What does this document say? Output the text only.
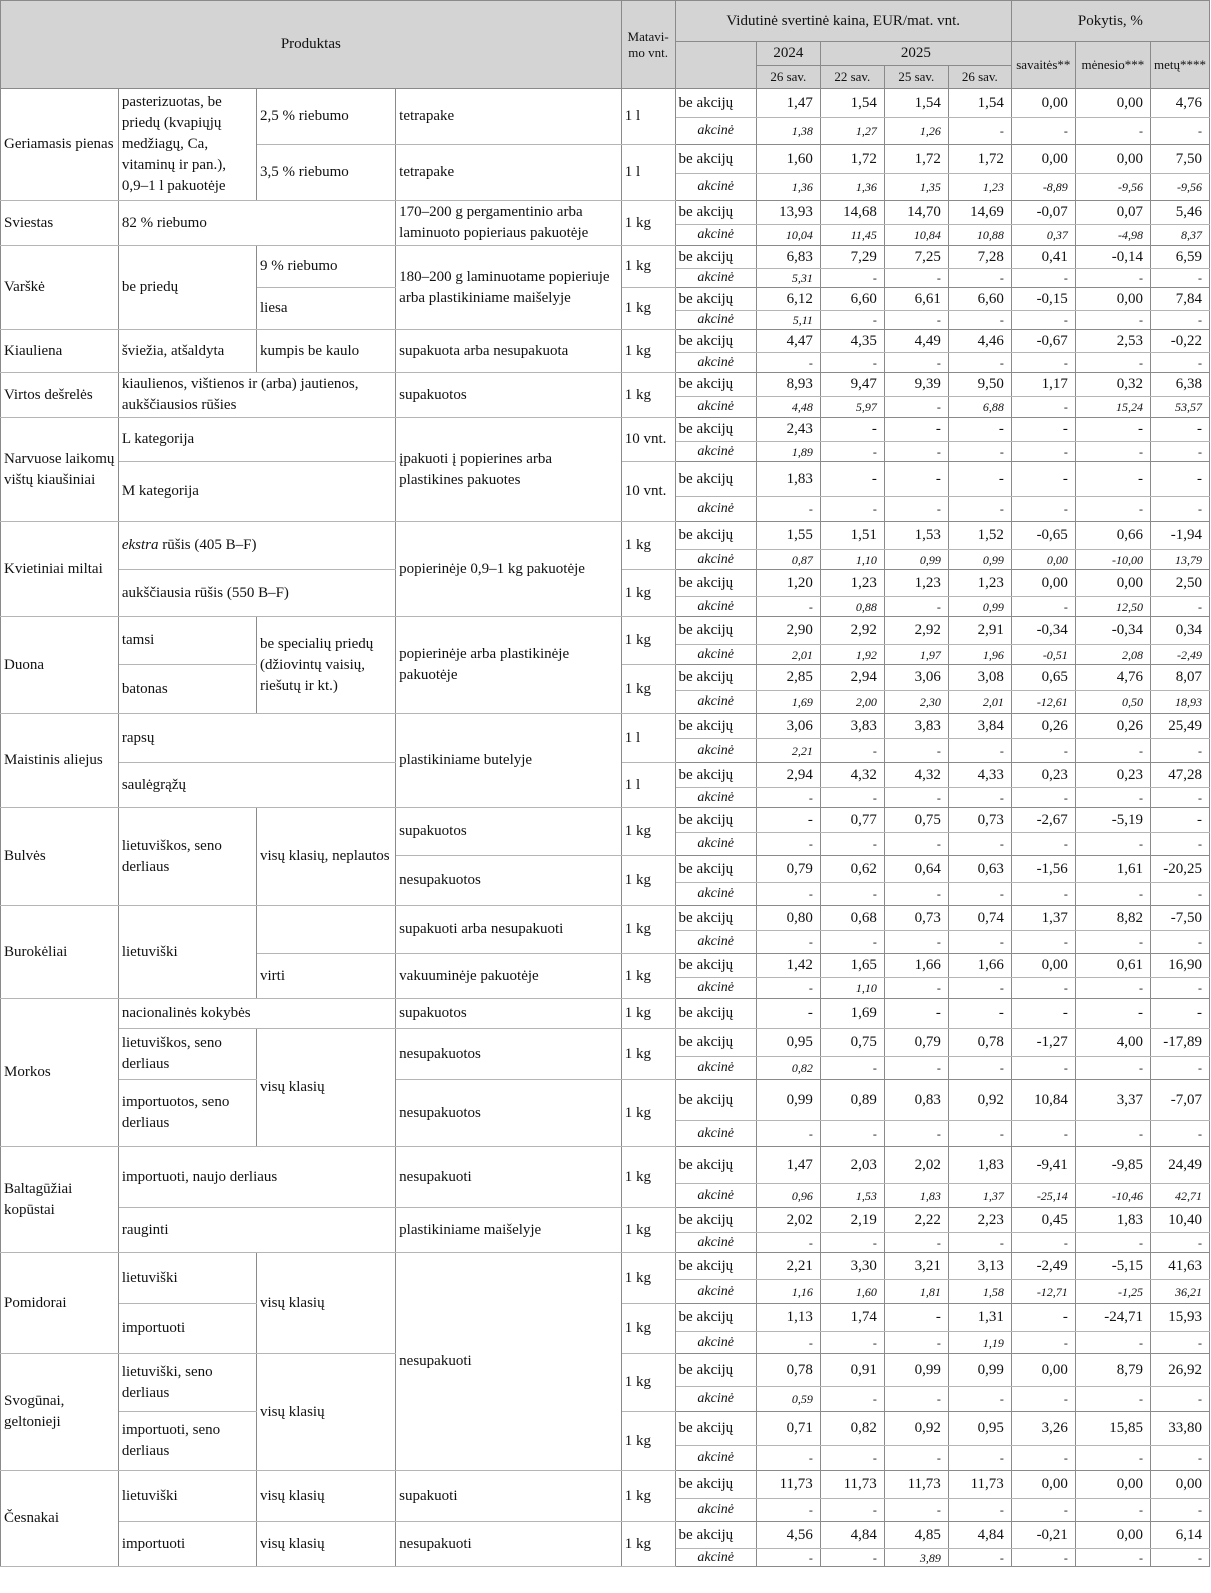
Produktas				Matavi- mo vnt.	Vidutinė svertinė kaina, EUR/mat. vnt.					Pokytis, %		
						2024	2025			savaitės**	mėnesio***	metų****
						26 sav.	22 sav.	25 sav.	26 sav.			
Geriamasis pienas	pasterizuotas, be priedų (kvapiųjų medžiagų, Ca, vitaminų ir pan.), 0,9–1 l pakuotėje	2,5 % riebumo	tetrapake	1 l	be akcijų	1,47	1,54	1,54	1,54	0,00	0,00	4,76
					akcinė	1,38	1,27	1,26	-	-	-	-
		3,5 % riebumo	tetrapake	1 l	be akcijų	1,60	1,72	1,72	1,72	0,00	0,00	7,50
					akcinė	1,36	1,36	1,35	1,23	-8,89	-9,56	-9,56
Sviestas	82 % riebumo		170–200 g pergamentinio arba laminuoto popieriaus pakuotėje	1 kg	be akcijų	13,93	14,68	14,70	14,69	-0,07	0,07	5,46
					akcinė	10,04	11,45	10,84	10,88	0,37	-4,98	8,37
Varškė	be priedų	9 % riebumo	180–200 g laminuotame popieriuje arba plastikiniame maišelyje	1 kg	be akcijų	6,83	7,29	7,25	7,28	0,41	-0,14	6,59
					akcinė	5,31	-	-	-	-	-	-
		liesa		1 kg	be akcijų	6,12	6,60	6,61	6,60	-0,15	0,00	7,84
					akcinė	5,11	-	-	-	-	-	-
Kiauliena	šviežia, atšaldyta	kumpis be kaulo	supakuota arba nesupakuota	1 kg	be akcijų	4,47	4,35	4,49	4,46	-0,67	2,53	-0,22
					akcinė	-	-	-	-	-	-	-
Virtos dešrelės	kiaulienos, vištienos ir (arba) jautienos, aukščiausios rūšies		supakuotos	1 kg	be akcijų	8,93	9,47	9,39	9,50	1,17	0,32	6,38
					akcinė	4,48	5,97	-	6,88	-	15,24	53,57
Narvuose laikomų vištų kiaušiniai	L kategorija		įpakuoti į popierines arba plastikines pakuotes	10 vnt.	be akcijų	2,43	-	-	-	-	-	-
					akcinė	1,89	-	-	-	-	-	-
	M kategorija			10 vnt.	be akcijų	1,83	-	-	-	-	-	-
					akcinė	-	-	-	-	-	-	-
Kvietiniai miltai	ekstra rūšis (405 B–F)		popierinėje 0,9–1 kg pakuotėje	1 kg	be akcijų	1,55	1,51	1,53	1,52	-0,65	0,66	-1,94
					akcinė	0,87	1,10	0,99	0,99	0,00	-10,00	13,79
	aukščiausia rūšis (550 B–F)			1 kg	be akcijų	1,20	1,23	1,23	1,23	0,00	0,00	2,50
					akcinė	-	0,88	-	0,99	-	12,50	-
Duona	tamsi	be specialių priedų (džiovintų vaisių, riešutų ir kt.)	popierinėje arba plastikinėje pakuotėje	1 kg	be akcijų	2,90	2,92	2,92	2,91	-0,34	-0,34	0,34
					akcinė	2,01	1,92	1,97	1,96	-0,51	2,08	-2,49
	batonas			1 kg	be akcijų	2,85	2,94	3,06	3,08	0,65	4,76	8,07
					akcinė	1,69	2,00	2,30	2,01	-12,61	0,50	18,93
Maistinis aliejus	rapsų		plastikiniame butelyje	1 l	be akcijų	3,06	3,83	3,83	3,84	0,26	0,26	25,49
					akcinė	2,21	-	-	-	-	-	-
	saulėgrąžų			1 l	be akcijų	2,94	4,32	4,32	4,33	0,23	0,23	47,28
					akcinė	-	-	-	-	-	-	-
Bulvės	lietuviškos, seno derliaus	visų klasių, neplautos	supakuotos	1 kg	be akcijų	-	0,77	0,75	0,73	-2,67	-5,19	-
					akcinė	-	-	-	-	-	-	-
			nesupakuotos	1 kg	be akcijų	0,79	0,62	0,64	0,63	-1,56	1,61	-20,25
					akcinė	-	-	-	-	-	-	-
Burokėliai	lietuviški		supakuoti arba nesupakuoti	1 kg	be akcijų	0,80	0,68	0,73	0,74	1,37	8,82	-7,50
					akcinė	-	-	-	-	-	-	-
		virti	vakuuminėje pakuotėje	1 kg	be akcijų	1,42	1,65	1,66	1,66	0,00	0,61	16,90
					akcinė	-	1,10	-	-	-	-	-
Morkos	nacionalinės kokybės		supakuotos	1 kg	be akcijų	-	1,69	-	-	-	-	-
	lietuviškos, seno derliaus	visų klasių	nesupakuotos	1 kg	be akcijų	0,95	0,75	0,79	0,78	-1,27	4,00	-17,89
					akcinė	0,82	-	-	-	-	-	-
	importuotos, seno derliaus		nesupakuotos	1 kg	be akcijų	0,99	0,89	0,83	0,92	10,84	3,37	-7,07
					akcinė	-	-	-	-	-	-	-
Baltagūžiai kopūstai	importuoti, naujo derliaus		nesupakuoti	1 kg	be akcijų	1,47	2,03	2,02	1,83	-9,41	-9,85	24,49
					akcinė	0,96	1,53	1,83	1,37	-25,14	-10,46	42,71
	rauginti		plastikiniame maišelyje	1 kg	be akcijų	2,02	2,19	2,22	2,23	0,45	1,83	10,40
					akcinė	-	-	-	-	-	-	-
Pomidorai	lietuviški	visų klasių	nesupakuoti	1 kg	be akcijų	2,21	3,30	3,21	3,13	-2,49	-5,15	41,63
					akcinė	1,16	1,60	1,81	1,58	-12,71	-1,25	36,21
	importuoti			1 kg	be akcijų	1,13	1,74	-	1,31	-	-24,71	15,93
					akcinė	-	-	-	1,19	-	-	-
Svogūnai, geltonieji	lietuviški, seno derliaus	visų klasių		1 kg	be akcijų	0,78	0,91	0,99	0,99	0,00	8,79	26,92
					akcinė	0,59	-	-	-	-	-	-
	importuoti, seno derliaus			1 kg	be akcijų	0,71	0,82	0,92	0,95	3,26	15,85	33,80
					akcinė	-	-	-	-	-	-	-
Česnakai	lietuviški	visų klasių	supakuoti	1 kg	be akcijų	11,73	11,73	11,73	11,73	0,00	0,00	0,00
					akcinė	-	-	-	-	-	-	-
	importuoti	visų klasių	nesupakuoti	1 kg	be akcijų	4,56	4,84	4,85	4,84	-0,21	0,00	6,14
					akcinė	-	-	3,89	-	-	-	-
